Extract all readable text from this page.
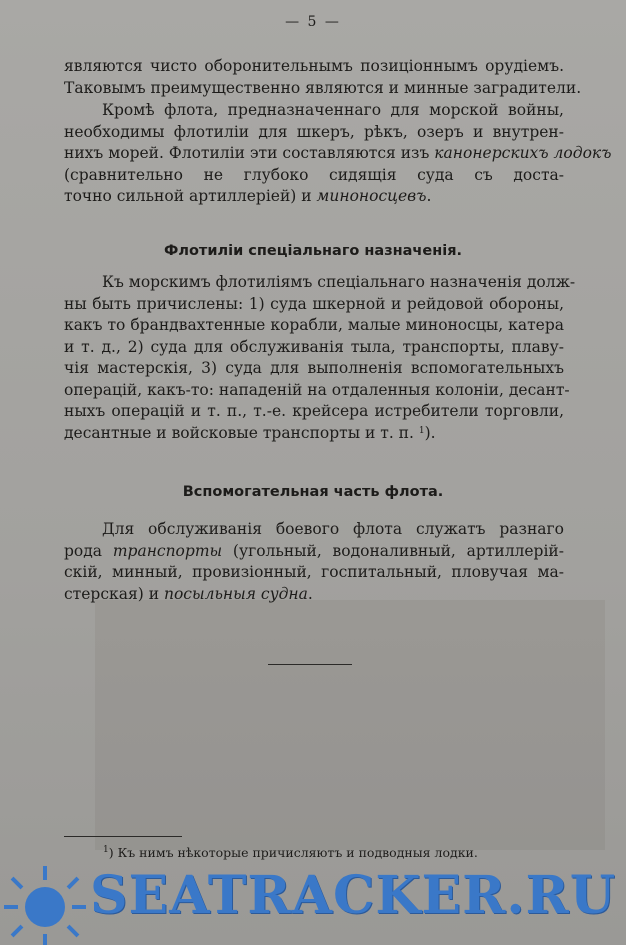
— 5 —
являются чисто оборонительнымъ позиціоннымъ орудіемъ.
Таковымъ преимущественно являются и минные заградители.
Кромѣ флота, предназначеннаго для морской войны,
необходимы флотиліи для шкеръ, рѣкъ, озеръ и внутрен-
нихъ морей. Флотиліи эти составляются изъ канонерскихъ лодокъ
(сравнительно не глубоко сидящія суда съ доста-
точно сильной артиллеріей) и миноносцевъ.
Флотиліи спеціальнаго назначенія.
Къ морскимъ флотиліямъ спеціальнаго назначенія долж-
ны быть причислены: 1) суда шкерной и рейдовой обороны,
какъ то брандвахтенные корабли, малые миноносцы, катера
и т. д., 2) суда для обслуживанія тыла, транспорты, плаву-
чія мастерскія, 3) суда для выполненія вспомогательныхъ
операцій, какъ-то: нападеній на отдаленныя колоніи, десант-
ныхъ операцій и т. п., т.-е. крейсера истребители торговли,
десантные и войсковые транспорты и т. п. $^1$).
Вспомогательная часть флота.
Для обслуживанія боевого флота служатъ разнаго
рода транспорты (угольный, водоналивный, артиллерій-
скій, минный, провизіонный, госпитальный, пловучая ма-
стерская) и посыльныя судна.
$^1$) Къ нимъ нѣкоторые причисляютъ и подводныя лодки.
SEATRACKER.RU
